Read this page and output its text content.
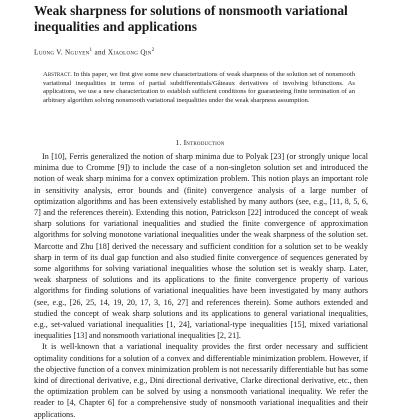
Weak sharpness for solutions of nonsmooth variational inequalities and applications
Luong V. Nguyen$^1$ and Xiaolong Qin$^2$

Abstract. In this paper, we first give some new characterizations of weak sharpness of the solution set of nonsmooth variational inequalities in terms of partial subdifferentials/Gâteaux derivatives of involving bifunctions. As applications, we use a new characterization to establish sufficient conditions for guaranteeing finite termination of an arbitrary algorithm solving nonsmooth variational inequalities under the weak sharpness assumption.

1. Introduction

In [10], Ferris generalized the notion of sharp minima due to Polyak [23] (or strongly unique local minima due to Cromme [9]) to include the case of a non-singleton solution set and introduced the notion of weak sharp minima for a convex optimization problem. This notion plays an important role in sensitivity analysis, error bounds and (finite) convergence analysis of a large number of optimization algorithms and has been extensively established by many authors (see, e.g., [11, 8, 5, 6, 7] and the references therein). Extending this notion, Patrickson [22] introduced the concept of weak sharp solutions for variational inequalities and studied the finite convergence of approximation algorithms for solving monotone variational inequalities under the weak sharpness of the solution set. Marcotte and Zhu [18] derived the necessary and sufficient condition for a solution set to be weakly sharp in term of its dual gap function and also studied finite convergence of sequences generated by some algorithms for solving variational inequalities whose the solution set is weakly sharp. Later, weak sharpness of solutions and its applications to the finite convergence property of various algorithms for finding solutions of variational inequalities have been investigated by many authors (see, e.g., [26, 25, 14, 19, 20, 17, 3, 16, 27] and references therein). Some authors extended and studied the concept of weak sharp solutions and its applications to general variational inequalities, e.g., set-valued variational inequalities [1, 24], variational-type inequalities [15], mixed variational inequalities [13] and nonsmooth variational inequalities [2, 21].

It is well-known that a variational inequality provides the first order necessary and sufficient optimality conditions for a solution of a convex and differentiable minimization problem. However, if the objective function of a convex minimization problem is not necessarily differentiable but has some kind of directional derivative, e.g., Dini directional derivative, Clarke directional derivative, etc., then the optimization problem can be solved by using a nonsmooth variational inequality. We refer the reader to [4, Chapter 6] for a comprehensive study of nonsmooth variational inequalities and their applications.
